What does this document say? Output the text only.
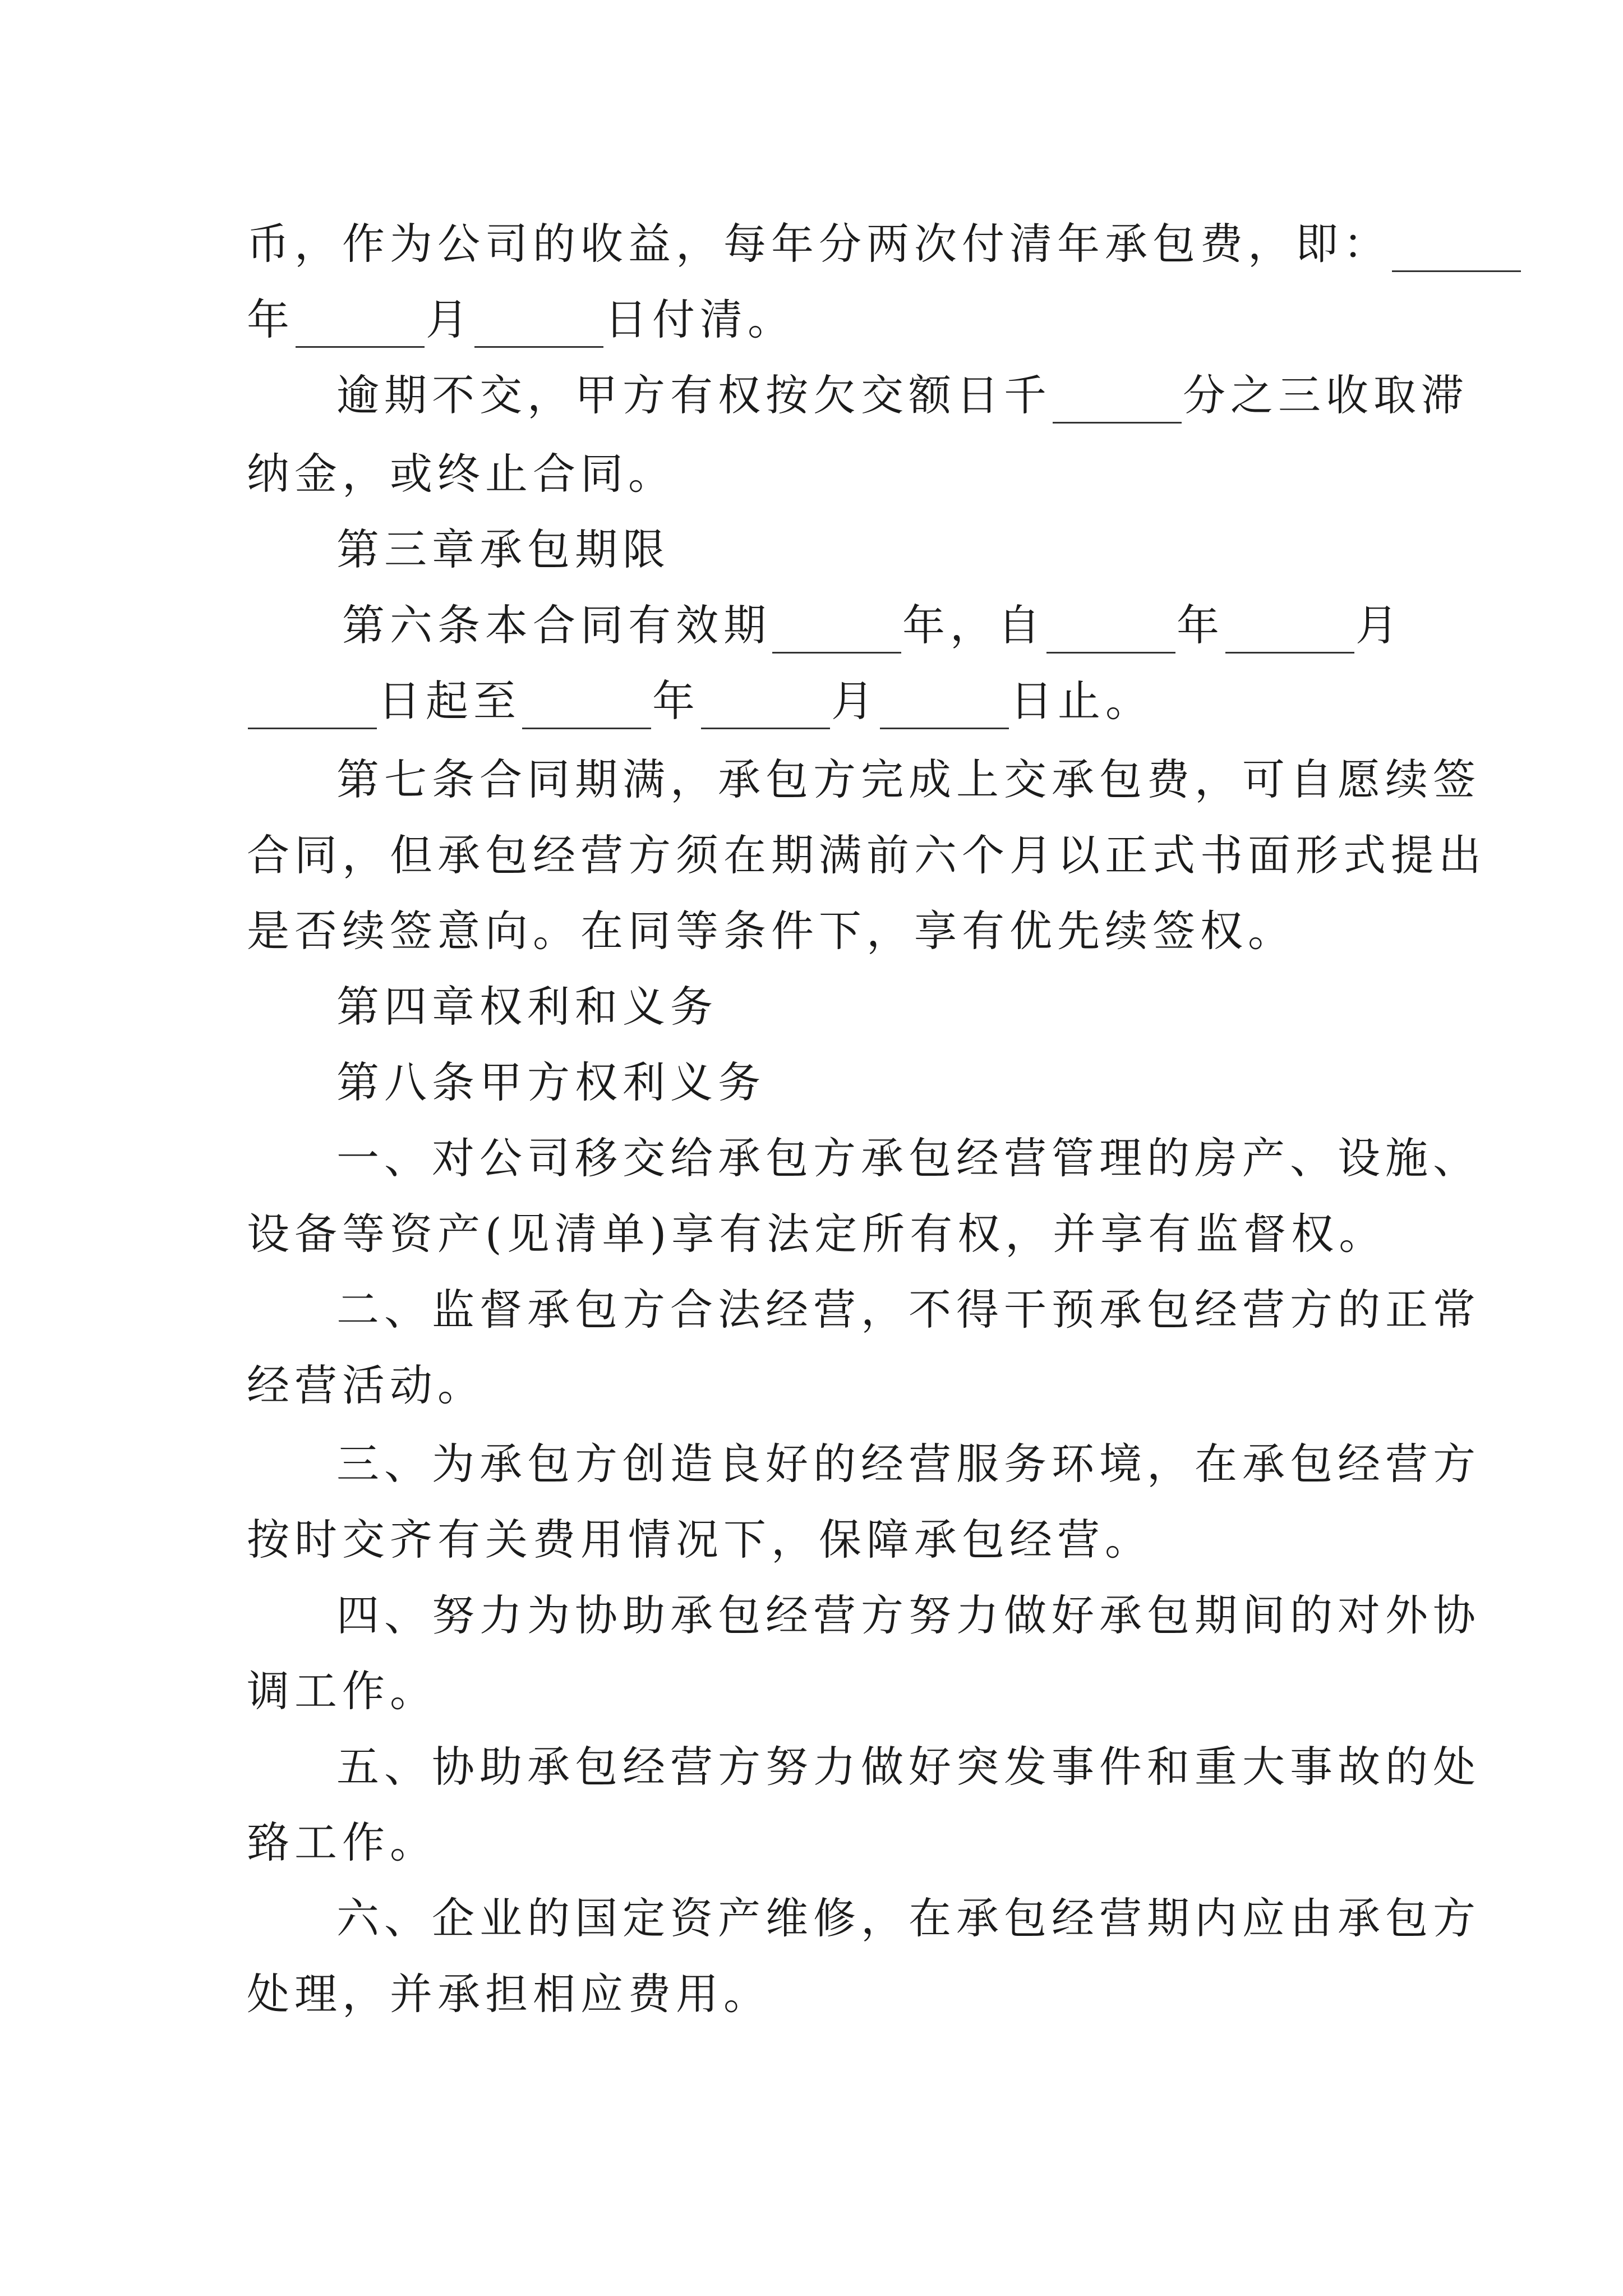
币，作为公司的收益，每年分两次付清年承包费，即：
年	月	日付清。
逾期不交，甲方有权按欠交额日千	分之三收取滞
纳金，或终止合同。
第三章承包期限
第六条本合同有效期	年，自	年	月
日起至	年	月	日止。
第七条合同期满，承包方完成上交承包费，可自愿续签
合同，但承包经营方须在期满前六个月以正式书面形式提出
是否续签意向。在同等条件下，享有优先续签权。
第四章权利和义务
第八条甲方权利义务
一、对公司移交给承包方承包经营管理的房产、设施、
设备等资产(见清单)享有法定所有权，并享有监督权。
二、监督承包方合法经营，不得干预承包经营方的正常
经营活动。
三、为承包方创造良好的经营服务环境，在承包经营方
按时交齐有关费用情况下，保障承包经营。
四、努力为协助承包经营方努力做好承包期间的对外协
调工作。
五、协助承包经营方努力做好突发事件和重大事故的处
臵工作。
六、企业的国定资产维修，在承包经营期内应由承包方
处理，并承担相应费用。
